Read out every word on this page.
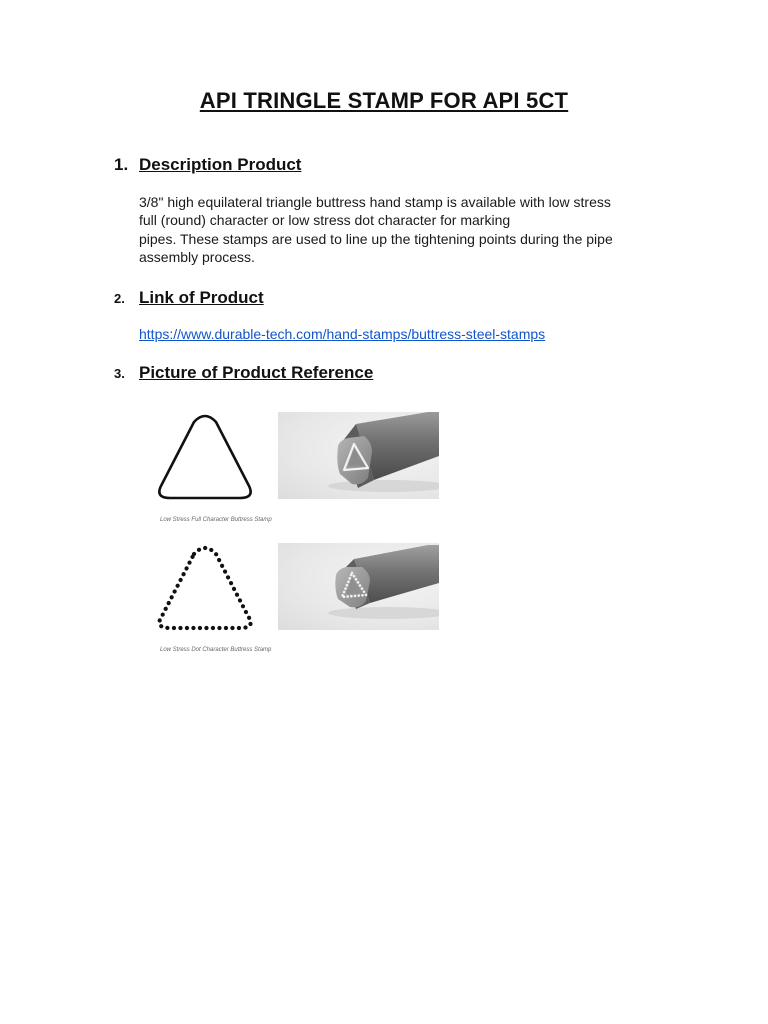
API TRINGLE STAMP FOR API 5CT
1. Description Product
3/8" high equilateral triangle buttress hand stamp is available with low stress
full (round) character or low stress dot character for marking
pipes. These stamps are used to line up the tightening points during the pipe
assembly process.
2. Link of Product
https://www.durable-tech.com/hand-stamps/buttress-steel-stamps
3. Picture of Product Reference
Low Stress Full Character Buttress Stamp
Low Stress Dot Character Buttress Stamp
